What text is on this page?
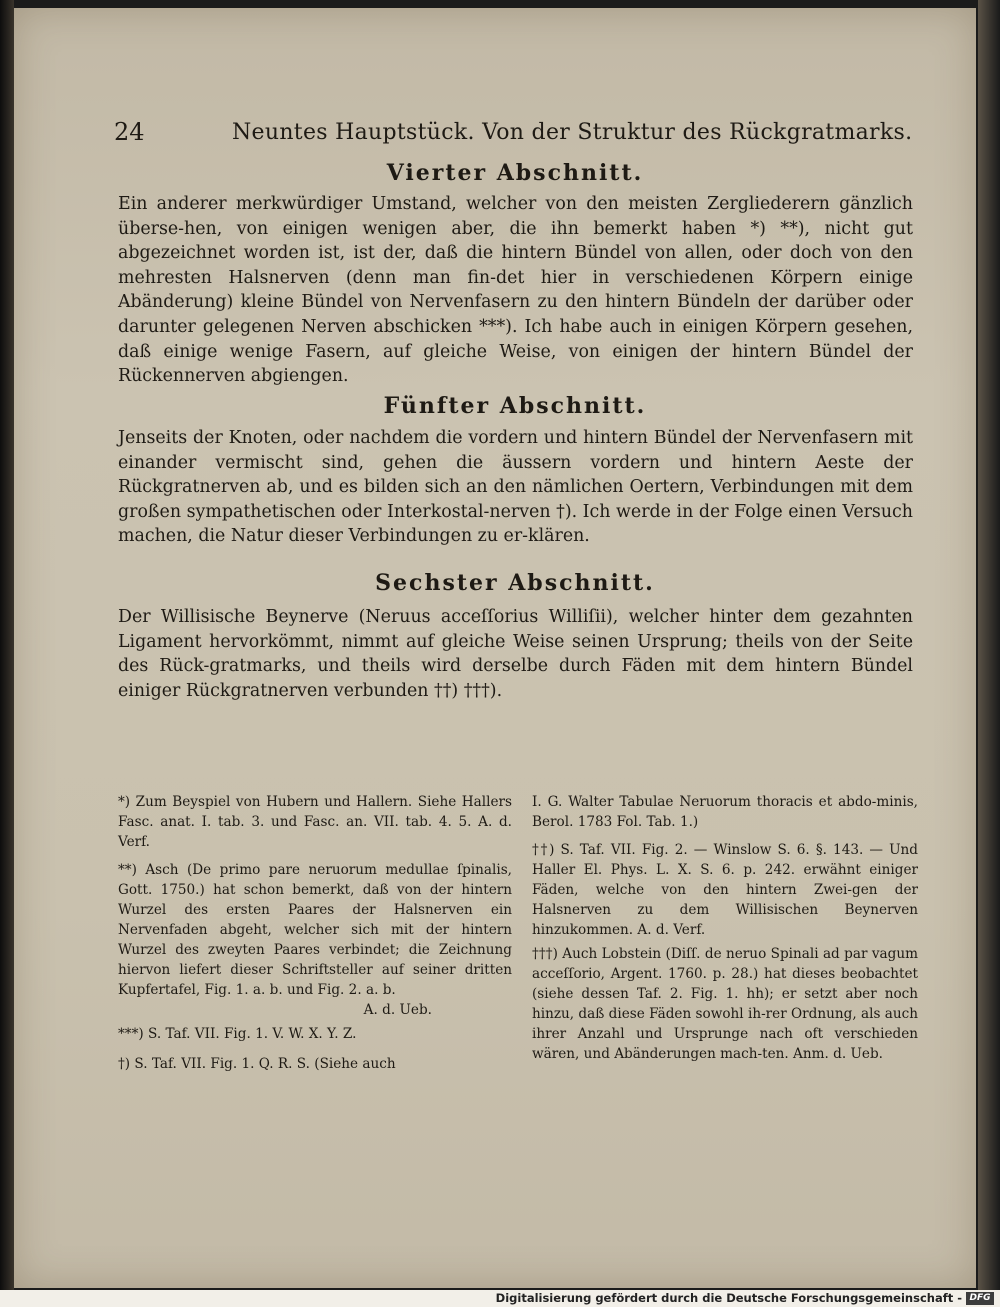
24	Neuntes Hauptstück. Von der Struktur des Rückgratmarks.
Vierter Abschnitt.

Ein anderer merkwürdiger Umstand, welcher von den meisten Zergliederern gänzlich überse-hen, von einigen wenigen aber, die ihn bemerkt haben *) **), nicht gut abgezeichnet worden ist, ist der, daß die hintern Bündel von allen, oder doch von den mehresten Halsnerven (denn man fin-det hier in verschiedenen Körpern einige Abänderung) kleine Bündel von Nervenfasern zu den hintern Bündeln der darüber oder darunter gelegenen Nerven abschicken ***). Ich habe auch in einigen Körpern gesehen, daß einige wenige Fasern, auf gleiche Weise, von einigen der hintern Bündel der Rückennerven abgiengen.

Fünfter Abschnitt.

Jenseits der Knoten, oder nachdem die vordern und hintern Bündel der Nervenfasern mit einander vermischt sind, gehen die äussern vordern und hintern Aeste der Rückgratnerven ab, und es bilden sich an den nämlichen Oertern, Verbindungen mit dem großen sympathetischen oder Interkostal-nerven †). Ich werde in der Folge einen Versuch machen, die Natur dieser Verbindungen zu er-klären.

Sechster Abschnitt.

Der Willisische Beynerve (Neruus acceſſorius Williſii), welcher hinter dem gezahnten Ligament hervorkömmt, nimmt auf gleiche Weise seinen Ursprung; theils von der Seite des Rück-gratmarks, und theils wird derselbe durch Fäden mit dem hintern Bündel einiger Rückgratnerven verbunden ††) †††).

*) Zum Beyspiel von Hubern und Hallern. Siehe Hallers Fasc. anat. I. tab. 3. und Fasc. an. VII. tab. 4. 5. A. d. Verf.

**) Asch (De primo pare neruorum medullae ſpinalis, Gott. 1750.) hat schon bemerkt, daß von der hintern Wurzel des ersten Paares der Halsnerven ein Nervenfaden abgeht, welcher sich mit der hintern Wurzel des zweyten Paares verbindet; die Zeichnung hiervon liefert dieser Schriftsteller auf seiner dritten Kupfertafel, Fig. 1. a. b. und Fig. 2. a. b.
A. d. Ueb.

***) S. Taf. VII. Fig. 1. V. W. X. Y. Z.

†) S. Taf. VII. Fig. 1. Q. R. S. (Siehe auch

I. G. Walter Tabulae Neruorum thoracis et abdo-minis, Berol. 1783 Fol. Tab. 1.)

††) S. Taf. VII. Fig. 2. — Winslow S. 6. §. 143. — Und Haller El. Phys. L. X. S. 6. p. 242. erwähnt einiger Fäden, welche von den hintern Zwei-gen der Halsnerven zu dem Willisischen Beynerven hinzukommen. A. d. Verf.

†††) Auch Lobstein (Diſſ. de neruo Spinali ad par vagum acceſſorio, Argent. 1760. p. 28.) hat dieses beobachtet (siehe dessen Taf. 2. Fig. 1. hh); er setzt aber noch hinzu, daß diese Fäden sowohl ih-rer Ordnung, als auch ihrer Anzahl und Ursprunge nach oft verschieden wären, und Abänderungen mach-ten. Anm. d. Ueb.

Digitalisierung gefördert durch die Deutsche Forschungsgemeinschaft - DFG
